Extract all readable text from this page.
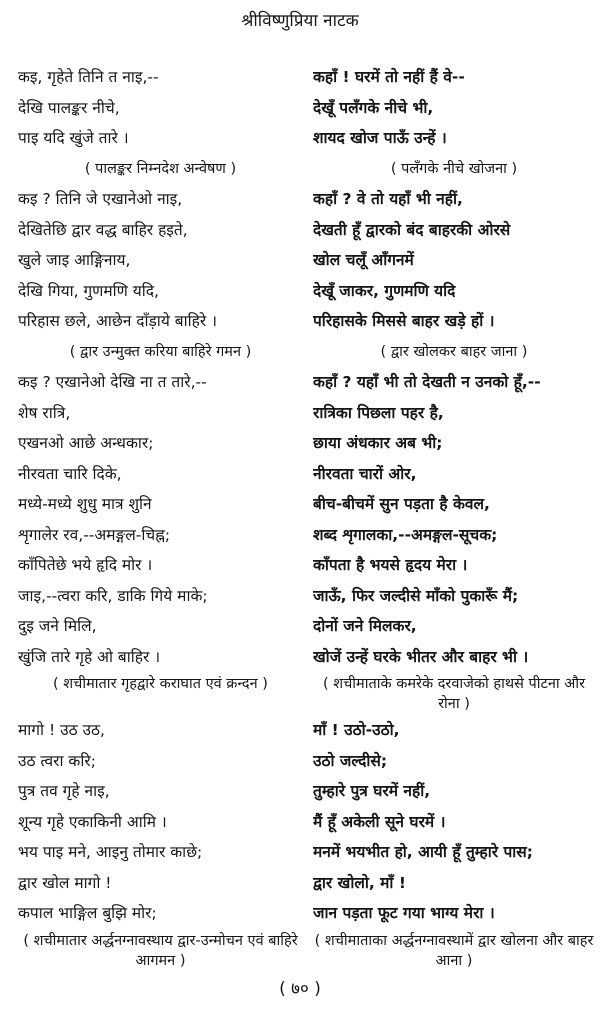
श्रीविष्णुप्रिया नाटक
कइ, गृहेते तिनि त नाइ,--
देखि पालङ्कर नीचे,
पाइ यदि खुंजे तारे ।
( पालङ्कर निम्नदेश अन्वेषण )
कइ ? तिनि जे एखानेओ नाइ,
देखितेछि द्वार वद्ध बाहिर हइते,
खुले जाइ आङ्गिनाय,
देखि गिया, गुणमणि यदि,
परिहास छले, आछेन दाँड़ाये बाहिरे ।
( द्वार उन्मुक्त करिया बाहिरे गमन )
कइ ? एखानेओ देखि ना त तारे,--
शेष रात्रि,
एखनओ आछे अन्धकार;
नीरवता चारि दिके,
मध्ये-मध्ये शुधु मात्र शुनि
शृगालेर रव,--अमङ्गल-चिह्न;
काँपितेछे भये हृदि मोर ।
जाइ,--त्वरा करि, डाकि गिये माके;
दुइ जने मिलि,
खुंजि तारे गृहे ओ बाहिर ।
( शचीमातार गृहद्वारे कराघात एवं क्रन्दन )
मागो ! उठ उठ,
उठ त्वरा करि;
पुत्र तव गृहे नाइ,
शून्य गृहे एकाकिनी आमि ।
भय पाइ मने, आइनु तोमार काछे;
द्वार खोल मागो !
कपाल भाङ्गिल बुझि मोर;
( शचीमातार अर्द्धनग्नावस्थाय द्वार-उन्मोचन एवं बाहिरे आगमन )
कहाँ ! घरमें तो नहीं हैं वे--
देखूँ पलँगके नीचे भी,
शायद खोज पाऊँ उन्हें ।
( पलँगके नीचे खोजना )
कहाँ ? वे तो यहाँ भी नहीं,
देखती हूँ द्वारको बंद बाहरकी ओरसे
खोल चलूँ आँगनमें
देखूँ जाकर, गुणमणि यदि
परिहासके मिससे बाहर खड़े हों ।
( द्वार खोलकर बाहर जाना )
कहाँ ? यहाँ भी तो देखती न उनको हूँ,--
रात्रिका पिछला पहर है,
छाया अंधकार अब भी;
नीरवता चारों ओर,
बीच-बीचमें सुन पड़ता है केवल,
शब्द शृगालका,--अमङ्गल-सूचक;
काँपता है भयसे हृदय मेरा ।
जाऊँ, फिर जल्दीसे माँको पुकारूँ मैं;
दोनों जने मिलकर,
खोजें उन्हें घरके भीतर और बाहर भी ।
( शचीमाताके कमरेके दरवाजेको हाथसे पीटना और रोना )
माँ ! उठो-उठो,
उठो जल्दीसे;
तुम्हारे पुत्र घरमें नहीं,
मैं हूँ अकेली सूने घरमें ।
मनमें भयभीत हो, आयी हूँ तुम्हारे पास;
द्वार खोलो, माँ !
जान पड़ता फूट गया भाग्य मेरा ।
( शचीमाताका अर्द्धनग्नावस्थामें द्वार खोलना और बाहर आना )
( ७० )
